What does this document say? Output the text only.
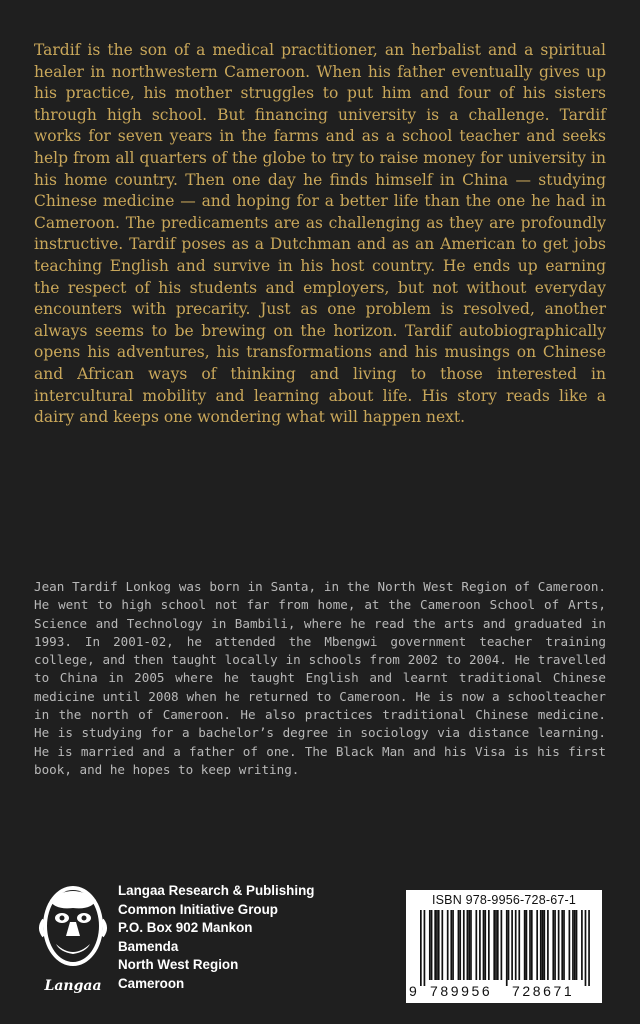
Tardif is the son of a medical practitioner, an herbalist and a spiritual healer in northwestern Cameroon. When his father eventually gives up his practice, his mother struggles to put him and four of his sisters through high school. But financing university is a challenge. Tardif works for seven years in the farms and as a school teacher and seeks help from all quarters of the globe to try to raise money for university in his home country. Then one day he finds himself in China — studying Chinese medicine — and hoping for a better life than the one he had in Cameroon. The predicaments are as challenging as they are profoundly instructive. Tardif poses as a Dutchman and as an American to get jobs teaching English and survive in his host country. He ends up earning the respect of his students and employers, but not without everyday encounters with precarity. Just as one problem is resolved, another always seems to be brewing on the horizon. Tardif autobiographically opens his adventures, his transformations and his musings on Chinese and African ways of thinking and living to those interested in intercultural mobility and learning about life. His story reads like a dairy and keeps one wondering what will happen next.

Jean Tardif Lonkog was born in Santa, in the North West Region of Cameroon. He went to high school not far from home, at the Cameroon School of Arts, Science and Technology in Bambili, where he read the arts and graduated in 1993. In 2001-02, he attended the Mbengwi government teacher training college, and then taught locally in schools from 2002 to 2004. He travelled to China in 2005 where he taught English and learnt traditional Chinese medicine until 2008 when he returned to Cameroon. He is now a schoolteacher in the north of Cameroon. He also practices traditional Chinese medicine. He is studying for a bachelor’s degree in sociology via distance learning. He is married and a father of one. The Black Man and his Visa is his first book, and he hopes to keep writing.

Langaa
Langaa Research & Publishing
Common Initiative Group
P.O. Box 902 Mankon
Bamenda
North West Region
Cameroon
ISBN 978-9956-728-67-1
9 789956 728671
